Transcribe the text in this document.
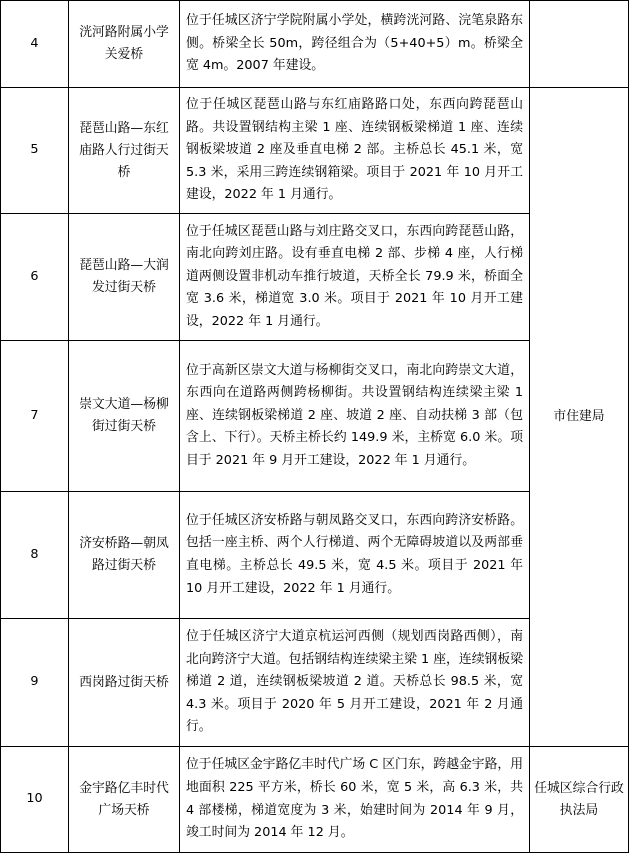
4	洸河路附属小学关爱桥	位于任城区济宁学院附属小学处，横跨洸河路、浣笔泉路东侧。桥梁全长 50m，跨径组合为（5+40+5）m。桥梁全宽 4m。2007 年建设。	
5	琵琶山路—东红庙路人行过街天桥	位于任城区琵琶山路与东红庙路路口处，东西向跨琵琶山路。共设置钢结构主梁 1 座、连续钢板梁梯道 1 座、连续钢板梁坡道 2 座及垂直电梯 2 部。主桥总长 45.1 米，宽 5.3 米，采用三跨连续钢箱梁。项目于 2021 年 10 月开工建设，2022 年 1 月通行。	市住建局
6	琵琶山路—大润发过街天桥	位于任城区琵琶山路与刘庄路交叉口，东西向跨琵琶山路，南北向跨刘庄路。设有垂直电梯 2 部、步梯 4 座，人行梯道两侧设置非机动车推行坡道，天桥全长 79.9 米，桥面全宽 3.6 米，梯道宽 3.0 米。项目于 2021 年 10 月开工建设，2022 年 1 月通行。	
7	崇文大道—杨柳街过街天桥	位于高新区崇文大道与杨柳街交叉口，南北向跨崇文大道，东西向在道路两侧跨杨柳街。共设置钢结构连续梁主梁 1 座、连续钢板梁梯道 2 座、坡道 2 座、自动扶梯 3 部（包含上、下行）。天桥主桥长约 149.9 米，主桥宽 6.0 米。项目于 2021 年 9 月开工建设，2022 年 1 月通行。	
8	济安桥路—朝凤路过街天桥	位于任城区济安桥路与朝凤路交叉口，东西向跨济安桥路。包括一座主桥、两个人行梯道、两个无障碍坡道以及两部垂直电梯。主桥总长 49.5 米，宽 4.5 米。项目于 2021 年 10 月开工建设，2022 年 1 月通行。	
9	西岗路过街天桥	位于任城区济宁大道京杭运河西侧（规划西岗路西侧），南北向跨济宁大道。包括钢结构连续梁主梁 1 座，连续钢板梁梯道 2 道，连续钢板梁坡道 2 道。天桥总长 98.5 米，宽 4.3 米。项目于 2020 年 5 月开工建设，2021 年 2 月通行。	
10	金宇路亿丰时代广场天桥	位于任城区金宇路亿丰时代广场 C 区门东，跨越金宇路，用地面积 225 平方米，桥长 60 米，宽 5 米，高 6.3 米，共 4 部楼梯，梯道宽度为 3 米，始建时间为 2014 年 9 月，竣工时间为 2014 年 12 月。	任城区综合行政执法局
